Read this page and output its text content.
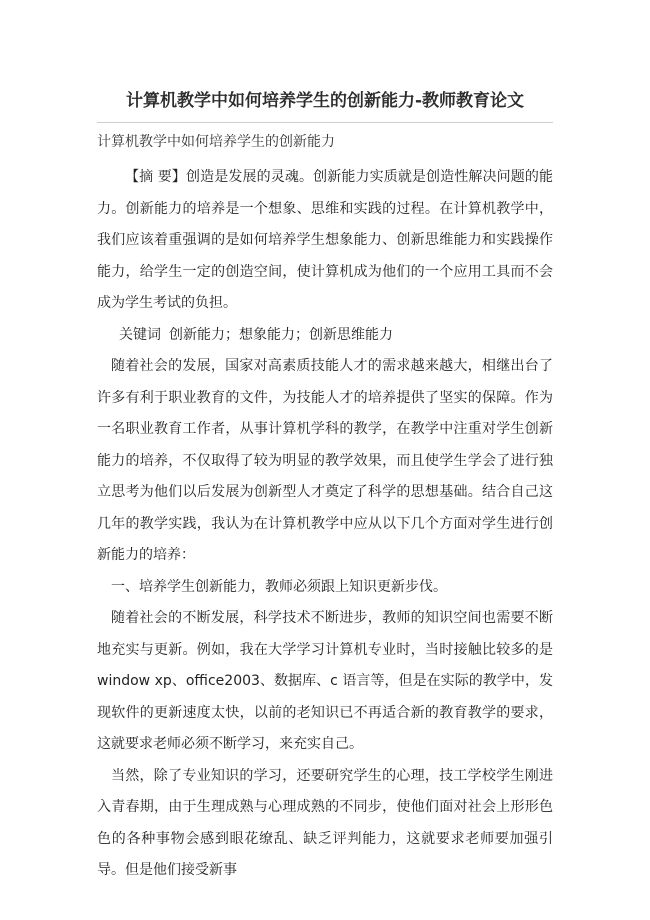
计算机教学中如何培养学生的创新能力-教师教育论文

计算机教学中如何培养学生的创新能力

【摘 要】创造是发展的灵魂。创新能力实质就是创造性解决问题的能力。创新能力的培养是一个想象、思维和实践的过程。在计算机教学中，我们应该着重强调的是如何培养学生想象能力、创新思维能力和实践操作能力，给学生一定的创造空间，使计算机成为他们的一个应用工具而不会成为学生考试的负担。

关键词 创新能力；想象能力；创新思维能力

随着社会的发展，国家对高素质技能人才的需求越来越大，相继出台了许多有利于职业教育的文件，为技能人才的培养提供了坚实的保障。作为一名职业教育工作者，从事计算机学科的教学，在教学中注重对学生创新能力的培养，不仅取得了较为明显的教学效果，而且使学生学会了进行独立思考为他们以后发展为创新型人才奠定了科学的思想基础。结合自己这几年的教学实践，我认为在计算机教学中应从以下几个方面对学生进行创新能力的培养：

一、培养学生创新能力，教师必须跟上知识更新步伐。

随着社会的不断发展，科学技术不断进步，教师的知识空间也需要不断地充实与更新。例如，我在大学学习计算机专业时，当时接触比较多的是 window xp、office2003、数据库、c 语言等，但是在实际的教学中，发现软件的更新速度太快，以前的老知识已不再适合新的教育教学的要求，这就要求老师必须不断学习，来充实自己。

当然，除了专业知识的学习，还要研究学生的心理，技工学校学生刚进入青春期，由于生理成熟与心理成熟的不同步，使他们面对社会上形形色色的各种事物会感到眼花缭乱、缺乏评判能力，这就要求老师要加强引导。但是他们接受新事
